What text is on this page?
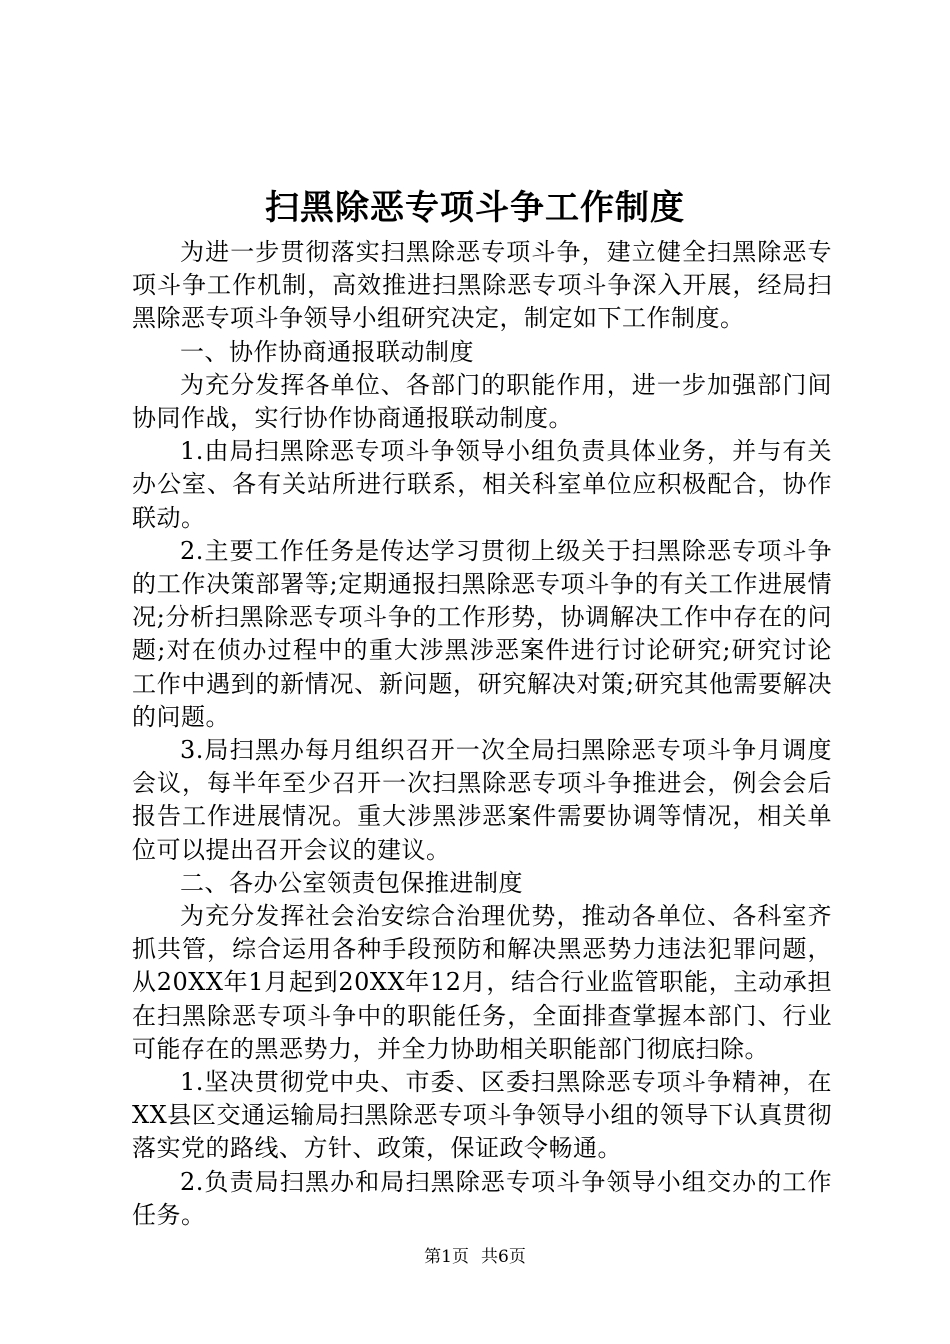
扫黑除恶专项斗争工作制度

为进一步贯彻落实扫黑除恶专项斗争，建立健全扫黑除恶专项斗争工作机制，高效推进扫黑除恶专项斗争深入开展，经局扫黑除恶专项斗争领导小组研究决定，制定如下工作制度。

一、协作协商通报联动制度

为充分发挥各单位、各部门的职能作用，进一步加强部门间协同作战，实行协作协商通报联动制度。

1.由局扫黑除恶专项斗争领导小组负责具体业务，并与有关办公室、各有关站所进行联系，相关科室单位应积极配合，协作联动。

2.主要工作任务是传达学习贯彻上级关于扫黑除恶专项斗争的工作决策部署等;定期通报扫黑除恶专项斗争的有关工作进展情况;分析扫黑除恶专项斗争的工作形势，协调解决工作中存在的问题;对在侦办过程中的重大涉黑涉恶案件进行讨论研究;研究讨论工作中遇到的新情况、新问题，研究解决对策;研究其他需要解决的问题。

3.局扫黑办每月组织召开一次全局扫黑除恶专项斗争月调度会议，每半年至少召开一次扫黑除恶专项斗争推进会，例会会后报告工作进展情况。重大涉黑涉恶案件需要协调等情况，相关单位可以提出召开会议的建议。

二、各办公室领责包保推进制度

为充分发挥社会治安综合治理优势，推动各单位、各科室齐抓共管，综合运用各种手段预防和解决黑恶势力违法犯罪问题，从20XX年1月起到20XX年12月，结合行业监管职能，主动承担在扫黑除恶专项斗争中的职能任务，全面排查掌握本部门、行业可能存在的黑恶势力，并全力协助相关职能部门彻底扫除。

1.坚决贯彻党中央、市委、区委扫黑除恶专项斗争精神，在XX县区交通运输局扫黑除恶专项斗争领导小组的领导下认真贯彻落实党的路线、方针、政策，保证政令畅通。

2.负责局扫黑办和局扫黑除恶专项斗争领导小组交办的工作任务。

第1页 共6页
